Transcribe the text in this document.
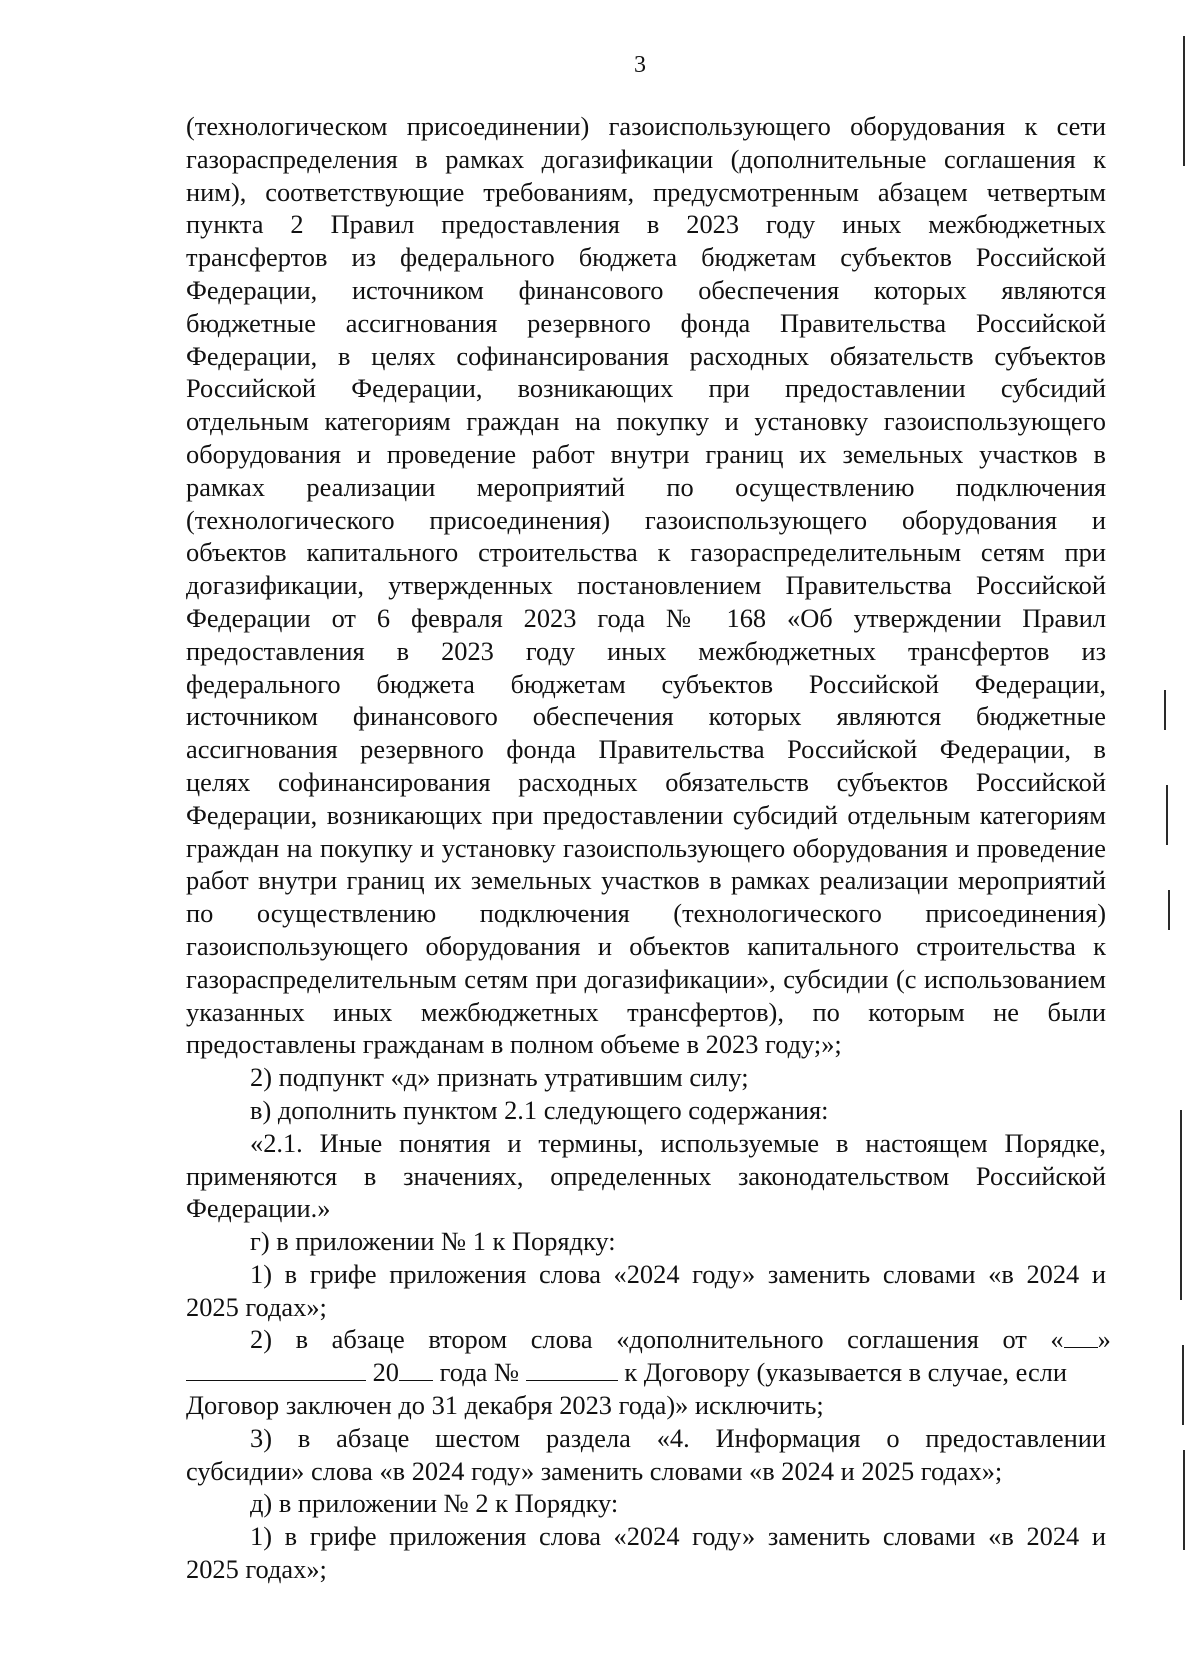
3
(технологическом присоединении) газоиспользующего оборудования к сети
газораспределения в рамках догазификации (дополнительные соглашения к
ним), соответствующие требованиям, предусмотренным абзацем четвертым
пункта 2 Правил предоставления в 2023 году иных межбюджетных
трансфертов из федерального бюджета бюджетам субъектов Российской
Федерации, источником финансового обеспечения которых являются
бюджетные ассигнования резервного фонда Правительства Российской
Федерации, в целях софинансирования расходных обязательств субъектов
Российской Федерации, возникающих при предоставлении субсидий
отдельным категориям граждан на покупку и установку газоиспользующего
оборудования и проведение работ внутри границ их земельных участков в
рамках реализации мероприятий по осуществлению подключения
(технологического присоединения) газоиспользующего оборудования и
объектов капитального строительства к газораспределительным сетям при
догазификации, утвержденных постановлением Правительства Российской
Федерации от 6 февраля 2023 года № 168 «Об утверждении Правил
предоставления в 2023 году иных межбюджетных трансфертов из
федерального бюджета бюджетам субъектов Российской Федерации,
источником финансового обеспечения которых являются бюджетные
ассигнования резервного фонда Правительства Российской Федерации, в
целях софинансирования расходных обязательств субъектов Российской
Федерации, возникающих при предоставлении субсидий отдельным категориям
граждан на покупку и установку газоиспользующего оборудования и проведение
работ внутри границ их земельных участков в рамках реализации мероприятий
по осуществлению подключения (технологического присоединения)
газоиспользующего оборудования и объектов капитального строительства к
газораспределительным сетям при догазификации», субсидии (с использованием
указанных иных межбюджетных трансфертов), по которым не были
предоставлены гражданам в полном объеме в 2023 году;»;
2) подпункт «д» признать утратившим силу;
в) дополнить пунктом 2.1 следующего содержания:
«2.1. Иные понятия и термины, используемые в настоящем Порядке,
применяются в значениях, определенных законодательством Российской
Федерации.»
г) в приложении № 1 к Порядку:
1) в грифе приложения слова «2024 году» заменить словами «в 2024 и
2025 годах»;
2) в абзаце втором слова «дополнительного соглашения от « »
20 года №	к Договору (указывается в случае, если
Договор заключен до 31 декабря 2023 года)» исключить;
3) в абзаце шестом раздела «4. Информация о предоставлении
субсидии» слова «в 2024 году» заменить словами «в 2024 и 2025 годах»;
д) в приложении № 2 к Порядку:
1) в грифе приложения слова «2024 году» заменить словами «в 2024 и
2025 годах»;
